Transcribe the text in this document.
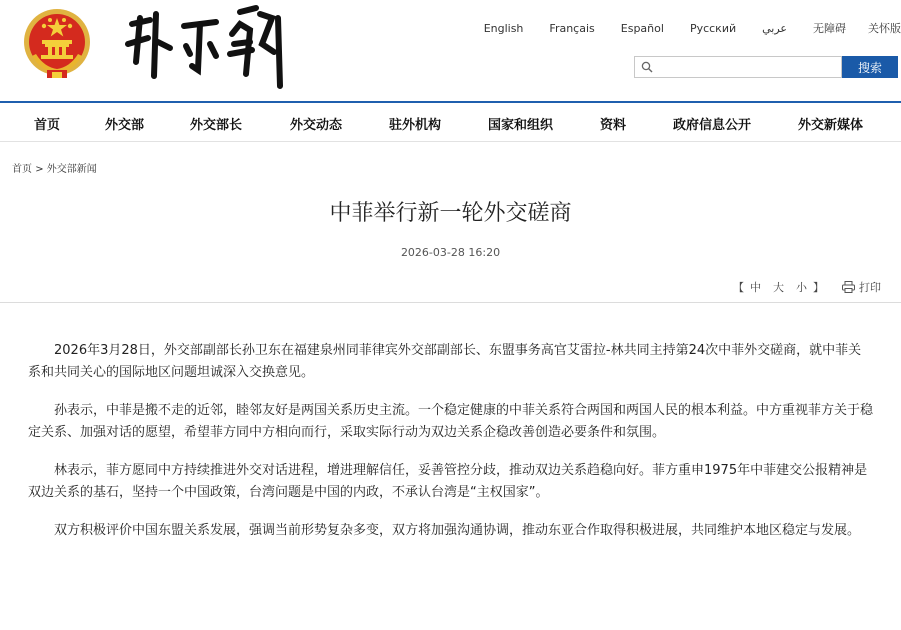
English Français Español Русский عربي 无障碍 关怀版
搜索
首页	外交部	外交部长	外交动态	驻外机构	国家和组织	资料	政府信息公开	外交新媒体
首页 > 外交部新闻
中菲举行新一轮外交磋商
2026-03-28 16:20
【 中 大 小 】	打印

2026年3月28日，外交部副部长孙卫东在福建泉州同菲律宾外交部副部长、东盟事务高官艾雷拉-林共同主持第24次中菲外交磋商，就中菲关系和共同关心的国际地区问题坦诚深入交换意见。

孙表示，中菲是搬不走的近邻，睦邻友好是两国关系历史主流。一个稳定健康的中菲关系符合两国和两国人民的根本利益。中方重视菲方关于稳定关系、加强对话的愿望，希望菲方同中方相向而行，采取实际行动为双边关系企稳改善创造必要条件和氛围。

林表示，菲方愿同中方持续推进外交对话进程，增进理解信任，妥善管控分歧，推动双边关系趋稳向好。菲方重申1975年中菲建交公报精神是双边关系的基石，坚持一个中国政策，台湾问题是中国的内政，不承认台湾是“主权国家”。

双方积极评价中国东盟关系发展，强调当前形势复杂多变，双方将加强沟通协调，推动东亚合作取得积极进展，共同维护本地区稳定与发展。
